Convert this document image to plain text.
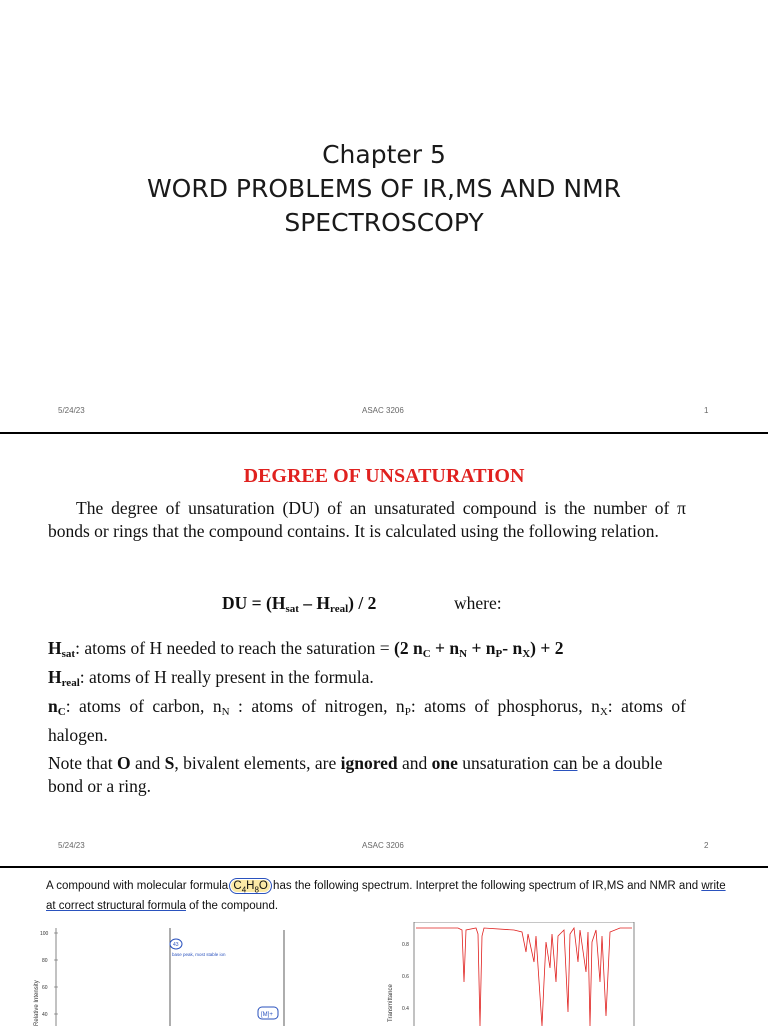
Chapter 5
WORD PROBLEMS OF IR,MS AND NMR
SPECTROSCOPY
5/24/23	ASAC 3206	1
DEGREE OF UNSATURATION
The degree of unsaturation (DU) of an unsaturated compound is the number of π bonds or rings that the compound contains. It is calculated using the following relation.
DU = $(H_{sat} - H_{real}) / 2$	where:
$H_{sat}$: atoms of H needed to reach the saturation = (2 $n_C + n_N + n_P-$ $n_X) + 2$
$H_{real}$: atoms of H really present in the formula.
$n_C$: atoms of carbon, $n_N$ : atoms of nitrogen, $n_P$: atoms of phosphorus, $n_X$: atoms of halogen.
Note that O and S, bivalent elements, are ignored and one unsaturation can be a double bond or a ring.
5/24/23	ASAC 3206	2
A compound with molecular formula $C_4H_8O$ has the following spectrum. Interpret the following spectrum of IR,MS and NMR and write at correct structural formula of the compound.
Relative Intensity
100
80
60
40
43
base peak, most stable ion
[M]+	Transmittance
0.8
0.6
0.4
